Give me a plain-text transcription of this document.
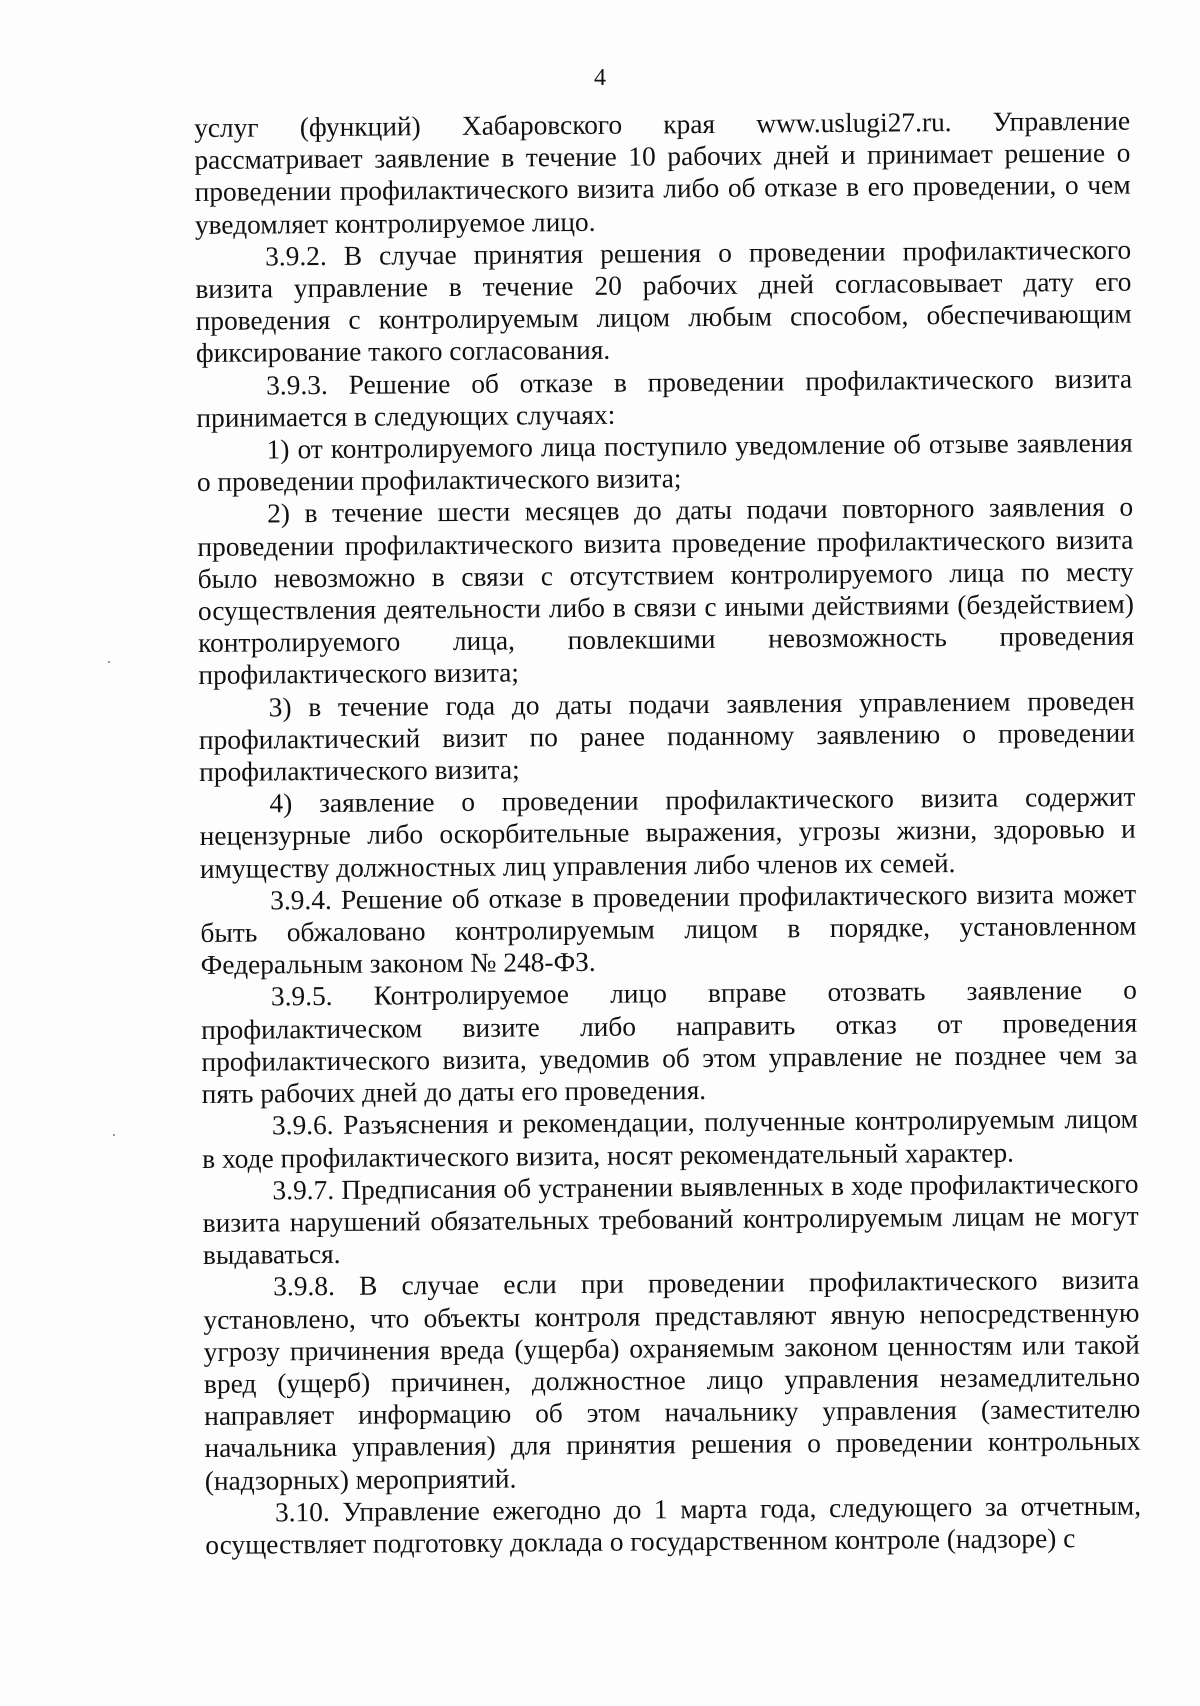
4

услуг (функций) Хабаровского края www.uslugi27.ru. Управление рассматривает заявление в течение 10 рабочих дней и принимает решение о проведении профилактического визита либо об отказе в его проведении, о чем уведомляет контролируемое лицо.

3.9.2. В случае принятия решения о проведении профилактического визита управление в течение 20 рабочих дней согласовывает дату его проведения с контролируемым лицом любым способом, обеспечивающим фиксирование такого согласования.

3.9.3. Решение об отказе в проведении профилактического визита принимается в следующих случаях:

1) от контролируемого лица поступило уведомление об отзыве заявления о проведении профилактического визита;

2) в течение шести месяцев до даты подачи повторного заявления о проведении профилактического визита проведение профилактического визита было невозможно в связи с отсутствием контролируемого лица по месту осуществления деятельности либо в связи с иными действиями (бездействием) контролируемого лица, повлекшими невозможность проведения профилактического визита;

3) в течение года до даты подачи заявления управлением проведен профилактический визит по ранее поданному заявлению о проведении профилактического визита;

4) заявление о проведении профилактического визита содержит нецензурные либо оскорбительные выражения, угрозы жизни, здоровью и имуществу должностных лиц управления либо членов их семей.

3.9.4. Решение об отказе в проведении профилактического визита может быть обжаловано контролируемым лицом в порядке, установленном Федеральным законом № 248-ФЗ.

3.9.5. Контролируемое лицо вправе отозвать заявление о профилактическом визите либо направить отказ от проведения профилактического визита, уведомив об этом управление не позднее чем за пять рабочих дней до даты его проведения.

3.9.6. Разъяснения и рекомендации, полученные контролируемым лицом в ходе профилактического визита, носят рекомендательный характер.

3.9.7. Предписания об устранении выявленных в ходе профилактического визита нарушений обязательных требований контролируемым лицам не могут выдаваться.

3.9.8. В случае если при проведении профилактического визита установлено, что объекты контроля представляют явную непосредственную угрозу причинения вреда (ущерба) охраняемым законом ценностям или такой вред (ущерб) причинен, должностное лицо управления незамедлительно направляет информацию об этом начальнику управления (заместителю начальника управления) для принятия решения о проведении контрольных (надзорных) мероприятий.

3.10. Управление ежегодно до 1 марта года, следующего за отчетным, осуществляет подготовку доклада о государственном контроле (надзоре) с
